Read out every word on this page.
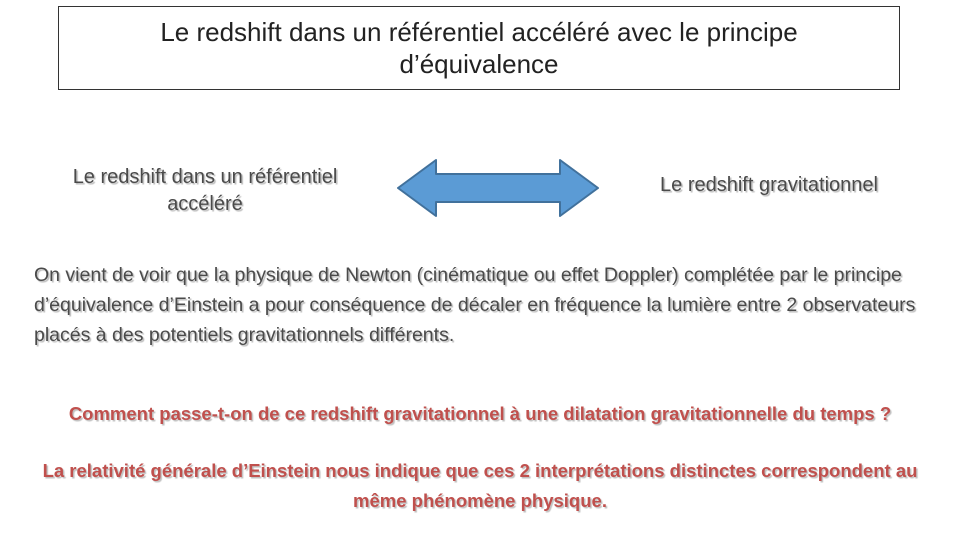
Le redshift dans un référentiel accéléré avec le principe d’équivalence

Le redshift dans un référentiel accéléré

Le redshift gravitationnel

On vient de voir que la physique de Newton (cinématique ou effet Doppler) complétée par le principe d’équivalence d’Einstein a pour conséquence de décaler en fréquence la lumière entre 2 observateurs placés à des potentiels gravitationnels différents.

Comment passe-t-on de ce redshift gravitationnel à une dilatation gravitationnelle du temps ?

La relativité générale d’Einstein nous indique que ces 2 interprétations distinctes correspondent au même phénomène physique.
